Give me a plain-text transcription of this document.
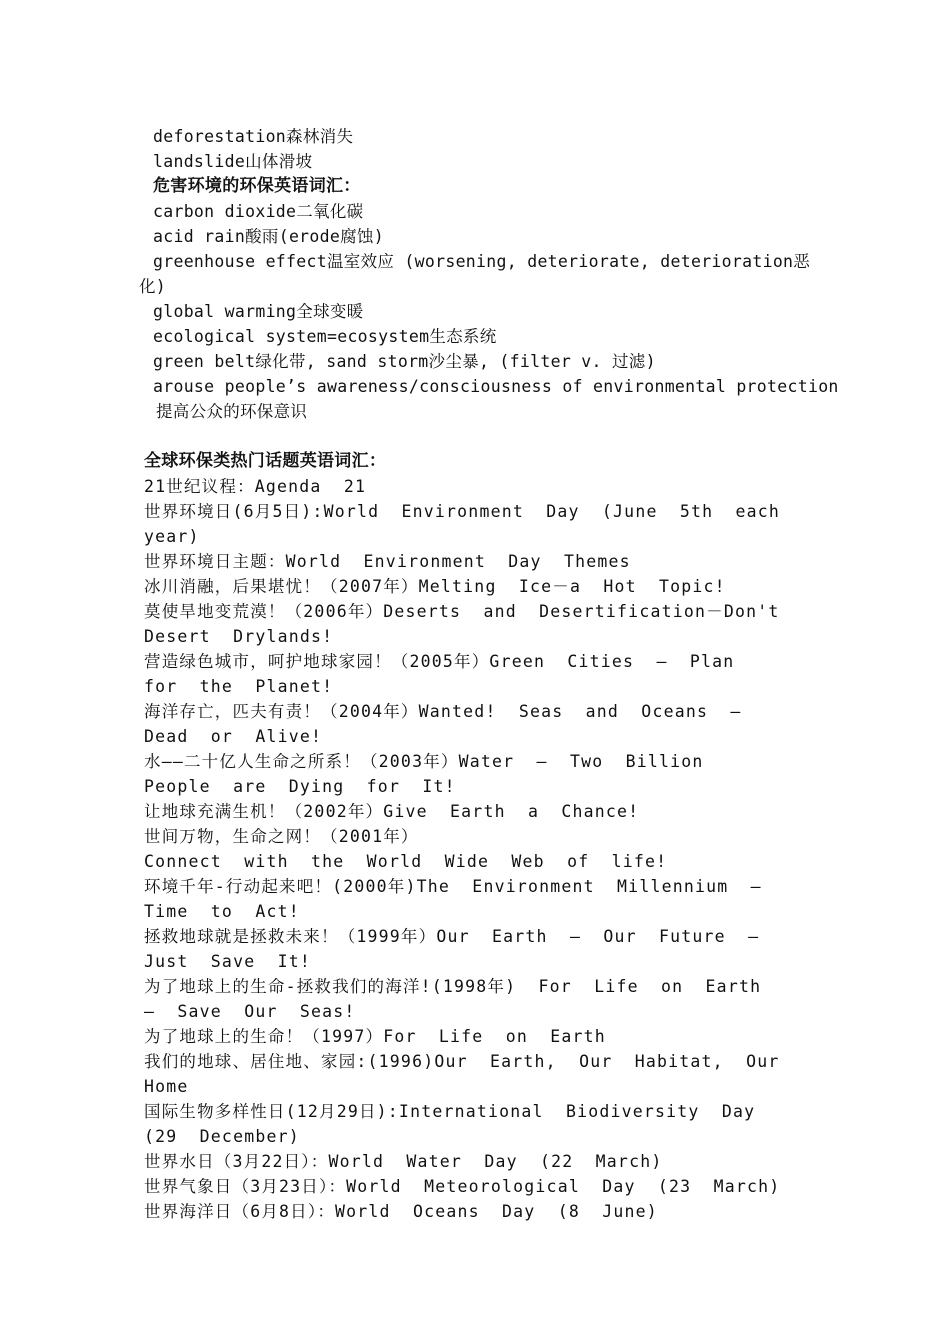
deforestation森林消失
landslide山体滑坡
危害环境的环保英语词汇：
carbon dioxide二氧化碳
acid rain酸雨(erode腐蚀)
greenhouse effect温室效应 (worsening, deteriorate, deterioration恶
化)
global warming全球变暖
ecological system=ecosystem生态系统
green belt绿化带, sand storm沙尘暴, (filter v. 过滤)
arouse people’s awareness/consciousness of environmental protection
提高公众的环保意识
全球环保类热门话题英语词汇：
21世纪议程：Agenda  21
世界环境日(6月5日):World  Environment  Day  (June  5th  each
year)
世界环境日主题：World  Environment  Day  Themes
冰川消融，后果堪忧！（2007年）Melting  Ice－a  Hot  Topic!
莫使旱地变荒漠！（2006年）Deserts  and  Desertification－Don't
Desert  Drylands!
营造绿色城市，呵护地球家园！（2005年）Green  Cities  –  Plan
for  the  Planet!
海洋存亡，匹夫有责！（2004年）Wanted!  Seas  and  Oceans  –
Dead  or  Alive!
水——二十亿人生命之所系！（2003年）Water  –  Two  Billion
People  are  Dying  for  It!
让地球充满生机！（2002年）Give  Earth  a  Chance!
世间万物，生命之网！（2001年）
Connect  with  the  World  Wide  Web  of  life!
环境千年-行动起来吧！(2000年)The  Environment  Millennium  –
Time  to  Act!
拯救地球就是拯救未来！（1999年）Our  Earth  –  Our  Future  –
Just  Save  It!
为了地球上的生命-拯救我们的海洋!(1998年)  For  Life  on  Earth
–  Save  Our  Seas!
为了地球上的生命！（1997）For  Life  on  Earth
我们的地球、居住地、家园:(1996)Our  Earth,  Our  Habitat,  Our
Home
国际生物多样性日(12月29日):International  Biodiversity  Day
(29  December)
世界水日（3月22日）：World  Water  Day  (22  March)
世界气象日（3月23日）：World  Meteorological  Day  (23  March)
世界海洋日（6月8日）：World  Oceans  Day  (8  June)
